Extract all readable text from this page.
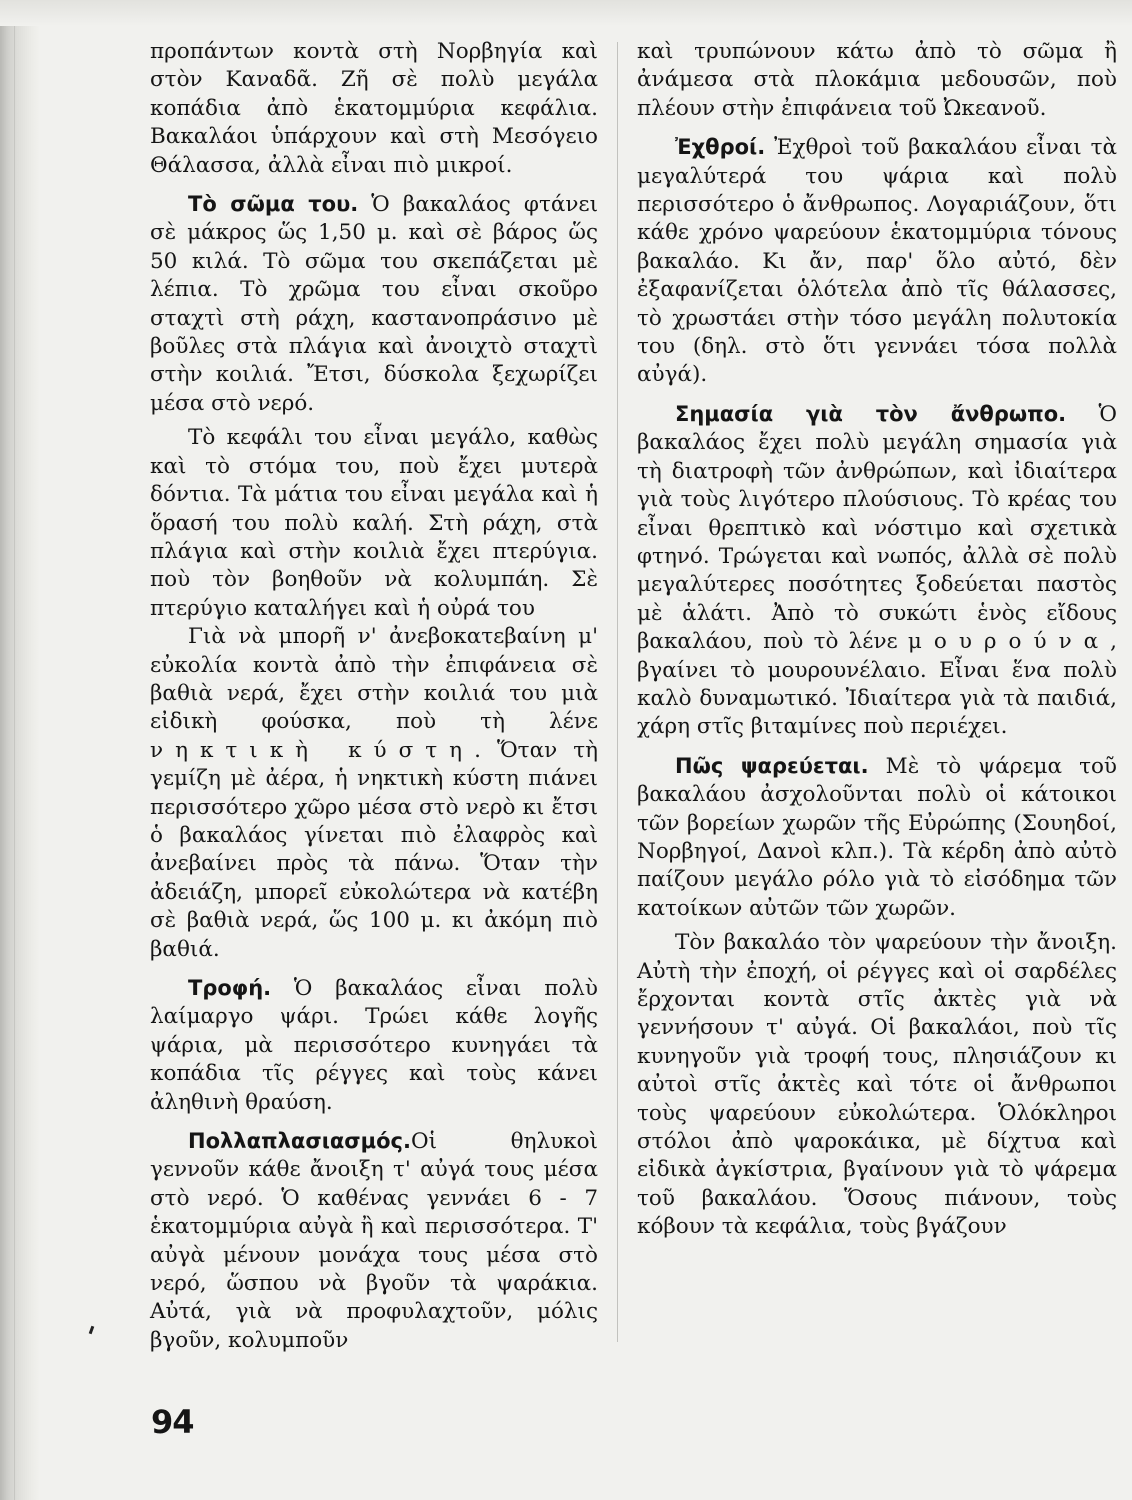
προπάντων κοντὰ στὴ Νορβηγία καὶ στὸν Καναδᾶ. Ζῆ σὲ πολὺ μεγάλα κοπάδια ἀπὸ ἑκατομμύρια κεφάλια. Βακαλάοι ὑπάρχουν καὶ στὴ Μεσόγειο Θάλασσα, ἀλλὰ εἶναι πιὸ μικροί.

Τὸ σῶμα του. Ὁ βακαλάος φτάνει σὲ μάκρος ὥς 1,50 μ. καὶ σὲ βάρος ὥς 50 κιλά. Τὸ σῶμα του σκεπάζεται μὲ λέπια. Τὸ χρῶμα του εἶναι σκοῦρο σταχτὶ στὴ ράχη, καστανοπράσινο μὲ βοῦλες στὰ πλάγια καὶ ἀνοιχτὸ σταχτὶ στὴν κοιλιά. Ἔτσι, δύσκολα ξεχωρίζει μέσα στὸ νερό.

Τὸ κεφάλι του εἶναι μεγάλο, καθὼς καὶ τὸ στόμα του, ποὺ ἔχει μυτερὰ δόντια. Τὰ μάτια του εἶναι μεγάλα καὶ ἡ ὅρασή του πολὺ καλή. Στὴ ράχη, στὰ πλάγια καὶ στὴν κοιλιὰ ἔχει πτερύγια. ποὺ τὸν βοηθοῦν νὰ κολυμπάη. Σὲ πτερύγιο καταλήγει καὶ ἡ οὐρά του

Γιὰ νὰ μπορῆ ν' ἀνεβοκατεβαίνη μ' εὐκολία κοντὰ ἀπὸ τὴν ἐπιφάνεια σὲ βαθιὰ νερά, ἔχει στὴν κοιλιά του μιὰ εἰδικὴ φούσκα, ποὺ τὴ λένε νηκτικὴ κύστη. Ὅταν τὴ γεμίζη μὲ ἀέρα, ἡ νηκτικὴ κύστη πιάνει περισσότερο χῶρο μέσα στὸ νερὸ κι ἔτσι ὁ βακαλάος γίνεται πιὸ ἐλαφρὸς καὶ ἀνεβαίνει πρὸς τὰ πάνω. Ὅταν τὴν ἀδειάζη, μπορεῖ εὐκολώτερα νὰ κατέβη σὲ βαθιὰ νερά, ὥς 100 μ. κι ἀκόμη πιὸ βαθιά.

Τροφή. Ὁ βακαλάος εἶναι πολὺ λαίμαργο ψάρι. Τρώει κάθε λογῆς ψάρια, μὰ περισσότερο κυνηγάει τὰ κοπάδια τῖς ρέγγες καὶ τοὺς κάνει ἀληθινὴ θραύση.

Πολλαπλασιασμός.Οἱ θηλυκοὶ γεννοῦν κάθε ἄνοιξη τ' αὐγά τους μέσα στὸ νερό. Ὁ καθένας γεννάει 6 - 7 ἑκατομμύρια αὐγὰ ἢ καὶ περισσότερα. Τ' αὐγὰ μένουν μονάχα τους μέσα στὸ νερό, ὥσπου νὰ βγοῦν τὰ ψαράκια. Αὐτά, γιὰ νὰ προφυλαχτοῦν, μόλις βγοῦν, κολυμποῦν

καὶ τρυπώνουν κάτω ἀπὸ τὸ σῶμα ἢ ἀνάμεσα στὰ πλοκάμια μεδουσῶν, ποὺ πλέουν στὴν ἐπιφάνεια τοῦ Ὠκεανοῦ.

Ἐχθροί. Ἐχθροὶ τοῦ βακαλάου εἶναι τὰ μεγαλύτερά του ψάρια καὶ πολὺ περισσότερο ὁ ἄνθρωπος. Λογαριάζουν, ὅτι κάθε χρόνο ψαρεύουν ἑκατομμύρια τόνους βακαλάο. Κι ἄν, παρ' ὅλο αὐτό, δὲν ἐξαφανίζεται ὁλότελα ἀπὸ τῖς θάλασσες, τὸ χρωστάει στὴν τόσο μεγάλη πολυτοκία του (δηλ. στὸ ὅτι γεννάει τόσα πολλὰ αὐγά).

Σημασία γιὰ τὸν ἄνθρωπο. Ὁ βακαλάος ἔχει πολὺ μεγάλη σημασία γιὰ τὴ διατροφὴ τῶν ἀνθρώπων, καὶ ἰδιαίτερα γιὰ τοὺς λιγότερο πλούσιους. Τὸ κρέας του εἶναι θρεπτικὸ καὶ νόστιμο καὶ σχετικὰ φτηνό. Τρώγεται καὶ νωπός, ἀλλὰ σὲ πολὺ μεγαλύτερες ποσότητες ξοδεύεται παστὸς μὲ ἁλάτι. Ἀπὸ τὸ συκώτι ἑνὸς εἴδους βακαλάου, ποὺ τὸ λένε μουρούνα, βγαίνει τὸ μουρουνέλαιο. Εἶναι ἕνα πολὺ καλὸ δυναμωτικό. Ἰδιαίτερα γιὰ τὰ παιδιά, χάρη στῖς βιταμίνες ποὺ περιέχει.

Πῶς ψαρεύεται. Μὲ τὸ ψάρεμα τοῦ βακαλάου ἀσχολοῦνται πολὺ οἱ κάτοικοι τῶν βορείων χωρῶν τῆς Εὐρώπης (Σουηδοί, Νορβηγοί, Δανοὶ κλπ.). Τὰ κέρδη ἀπὸ αὐτὸ παίζουν μεγάλο ρόλο γιὰ τὸ εἰσόδημα τῶν κατοίκων αὐτῶν τῶν χωρῶν.

Τὸν βακαλάο τὸν ψαρεύουν τὴν ἄνοιξη. Αὐτὴ τὴν ἐποχή, οἱ ρέγγες καὶ οἱ σαρδέλες ἔρχονται κοντὰ στῖς ἀκτὲς γιὰ νὰ γεννήσουν τ' αὐγά. Οἱ βακαλάοι, ποὺ τῖς κυνηγοῦν γιὰ τροφή τους, πλησιάζουν κι αὐτοὶ στῖς ἀκτὲς καὶ τότε οἱ ἄνθρωποι τοὺς ψαρεύουν εὐκολώτερα. Ὁλόκληροι στόλοι ἀπὸ ψαροκάικα, μὲ δίχτυα καὶ εἰδικὰ ἀγκίστρια, βγαίνουν γιὰ τὸ ψάρεμα τοῦ βακαλάου. Ὅσους πιάνουν, τοὺς κόβουν τὰ κεφάλια, τοὺς βγάζουν

94
